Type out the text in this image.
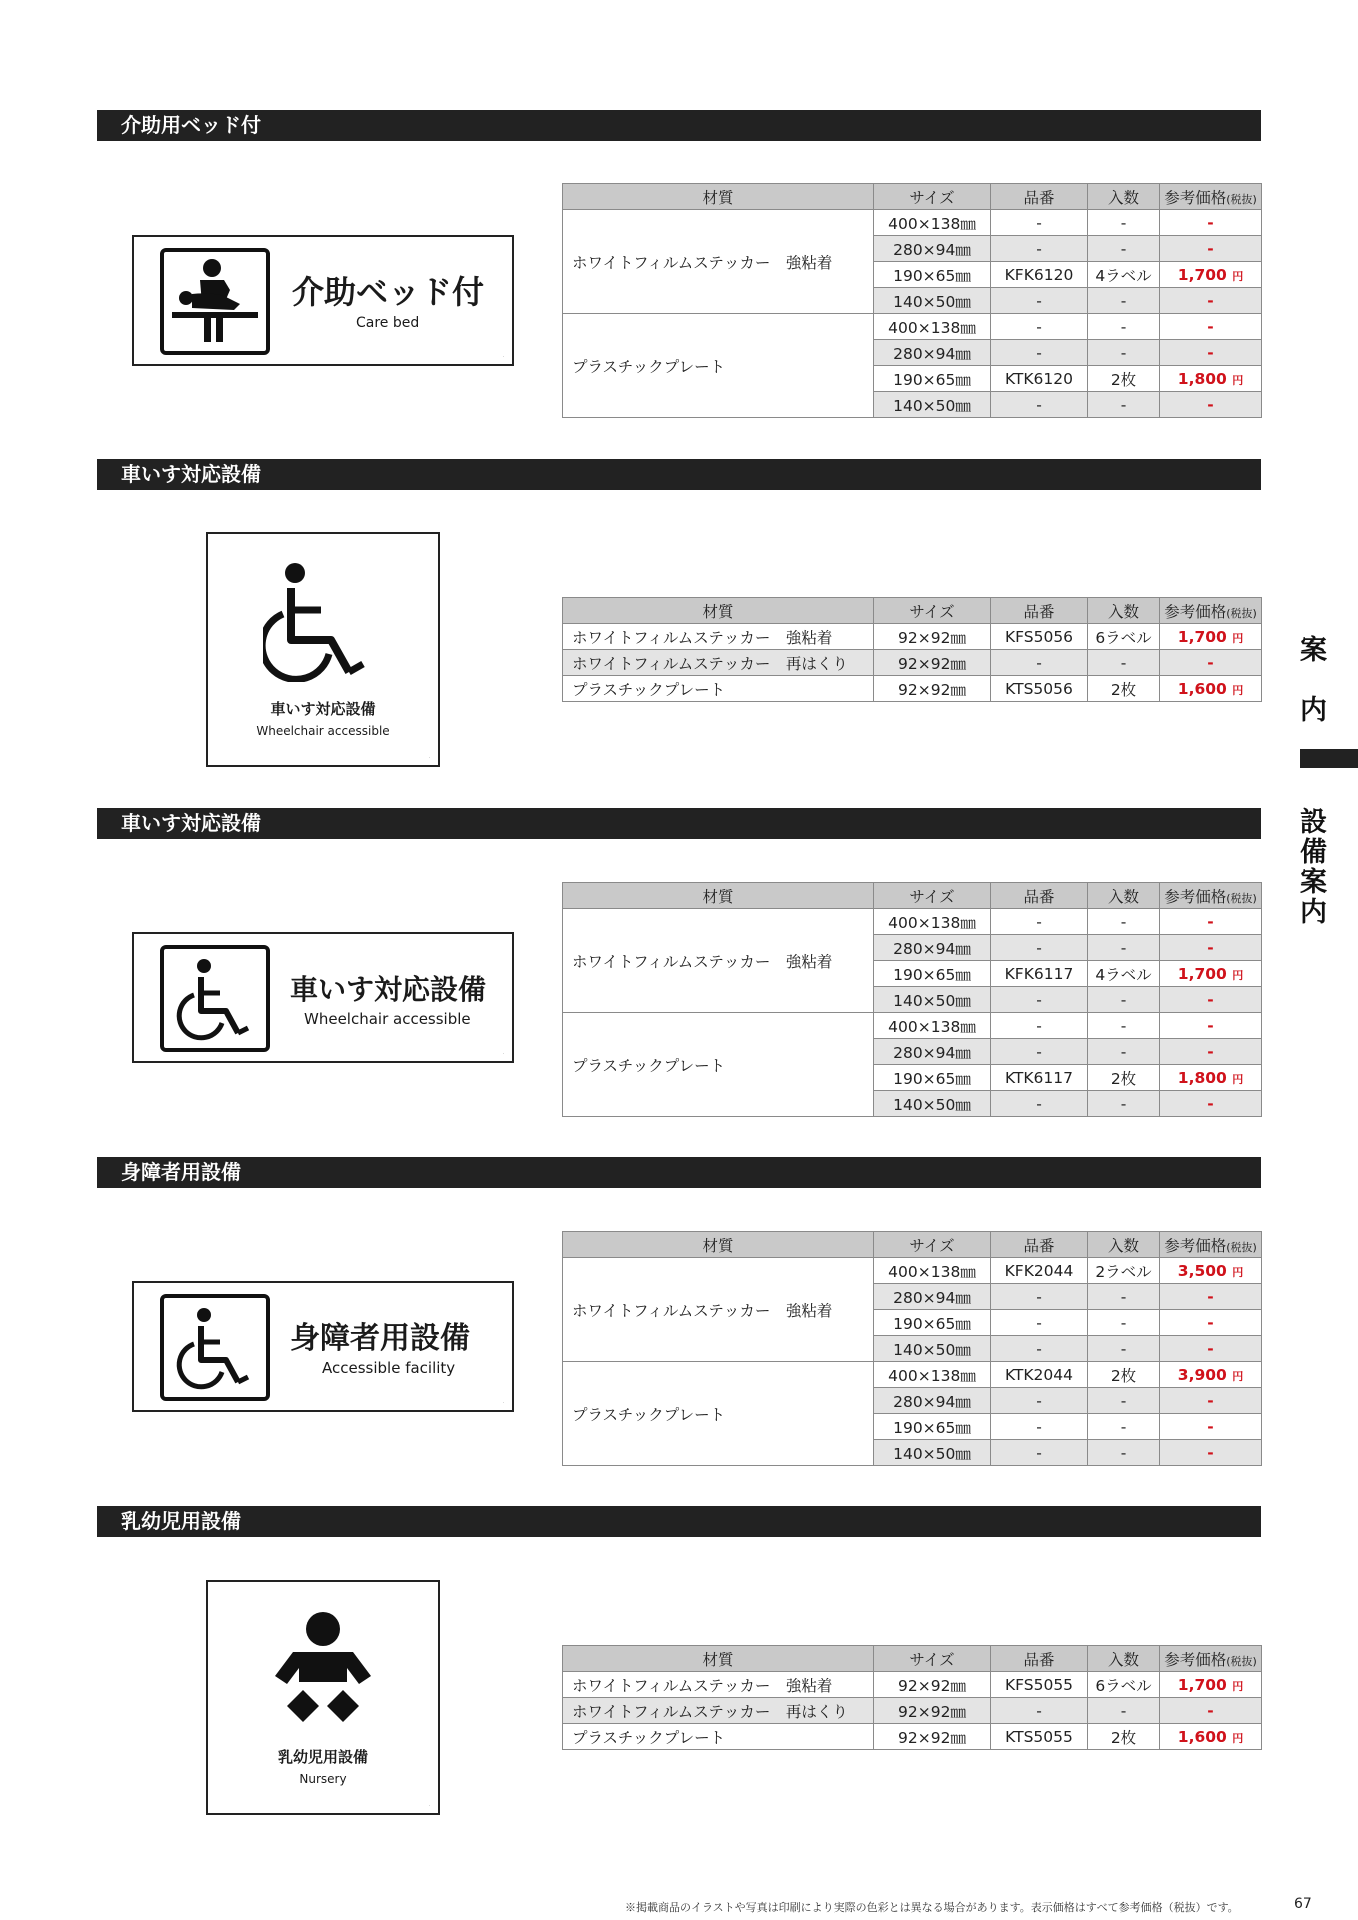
介助用ベッド付
車いす対応設備
車いす対応設備
身障者用設備
乳幼児用設備
介助ベッド付
Care bed
·
車いす対応設備
Wheelchair accessible
·
車いす対応設備
Wheelchair accessible
·
身障者用設備
Accessible facility
·
乳幼児用設備
Nursery
·
材質	サイズ	品番	入数	参考価格(税抜)
ホワイトフィルムステッカー　強粘着	400×138㎜	-	-	-
	280×94㎜	-	-	-
	190×65㎜	KFK6120	4ラベル	1,700 円
	140×50㎜	-	-	-
プラスチックプレート	400×138㎜	-	-	-
	280×94㎜	-	-	-
	190×65㎜	KTK6120	2枚	1,800 円
	140×50㎜	-	-	-
材質	サイズ	品番	入数	参考価格(税抜)
ホワイトフィルムステッカー　強粘着	92×92㎜	KFS5056	6ラベル	1,700 円
ホワイトフィルムステッカー　再はくり	92×92㎜	-	-	-
プラスチックプレート	92×92㎜	KTS5056	2枚	1,600 円
材質	サイズ	品番	入数	参考価格(税抜)
ホワイトフィルムステッカー　強粘着	400×138㎜	-	-	-
	280×94㎜	-	-	-
	190×65㎜	KFK6117	4ラベル	1,700 円
	140×50㎜	-	-	-
プラスチックプレート	400×138㎜	-	-	-
	280×94㎜	-	-	-
	190×65㎜	KTK6117	2枚	1,800 円
	140×50㎜	-	-	-
材質	サイズ	品番	入数	参考価格(税抜)
ホワイトフィルムステッカー　強粘着	400×138㎜	KFK2044	2ラベル	3,500 円
	280×94㎜	-	-	-
	190×65㎜	-	-	-
	140×50㎜	-	-	-
プラスチックプレート	400×138㎜	KTK2044	2枚	3,900 円
	280×94㎜	-	-	-
	190×65㎜	-	-	-
	140×50㎜	-	-	-
材質	サイズ	品番	入数	参考価格(税抜)
ホワイトフィルムステッカー　強粘着	92×92㎜	KFS5055	6ラベル	1,700 円
ホワイトフィルムステッカー　再はくり	92×92㎜	-	-	-
プラスチックプレート	92×92㎜	KTS5055	2枚	1,600 円
案
内
設
備
案
内
※掲載商品のイラストや写真は印刷により実際の色彩とは異なる場合があります。表示価格はすべて参考価格（税抜）です。	67
